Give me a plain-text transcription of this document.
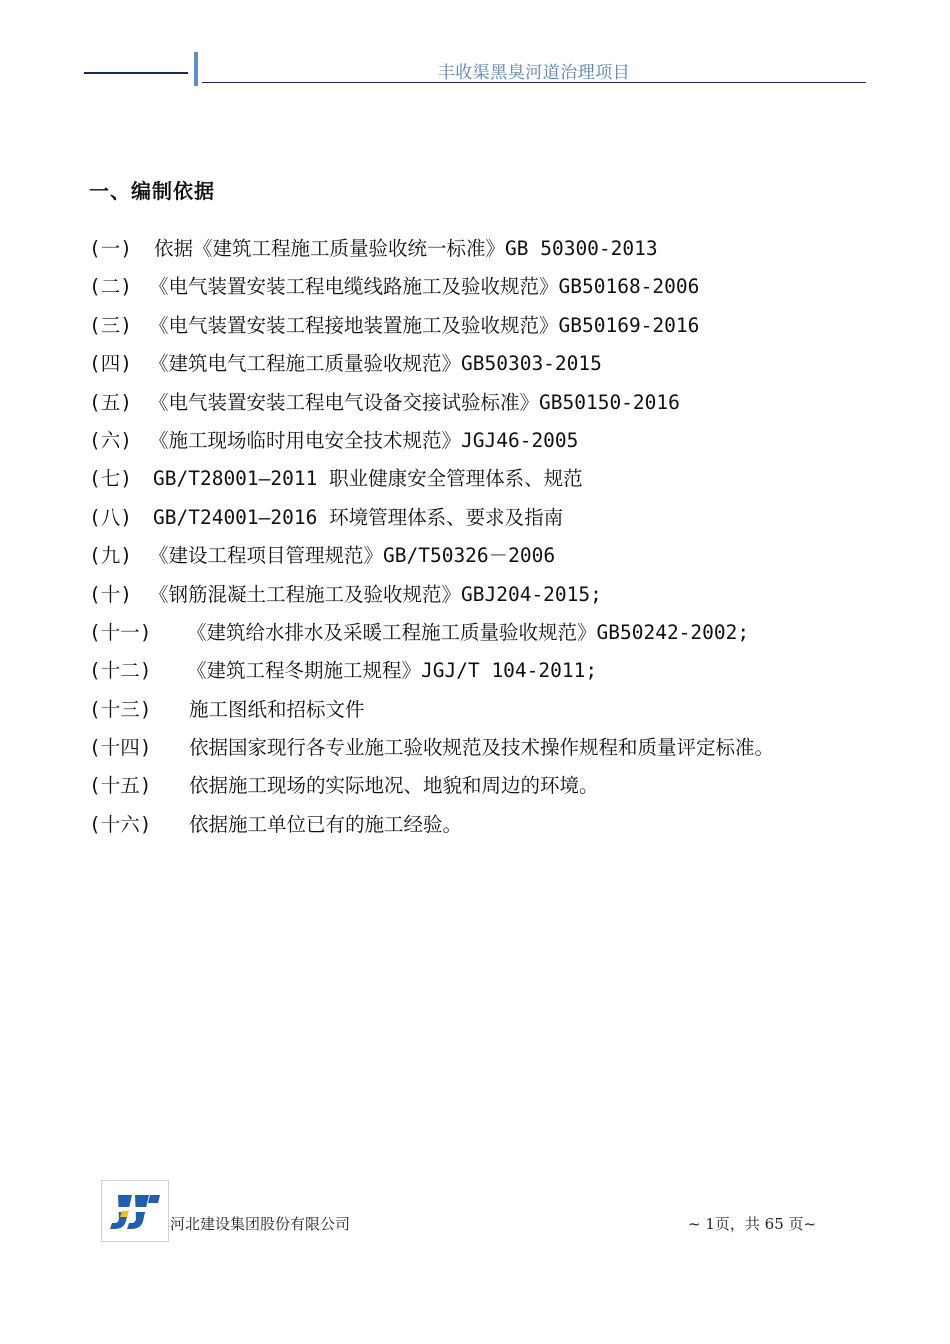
丰收渠黑臭河道治理项目
一、编制依据
(一) 依据《建筑工程施工质量验收统一标准》GB 50300-2013
(二) 《电气装置安装工程电缆线路施工及验收规范》GB50168-2006
(三) 《电气装置安装工程接地装置施工及验收规范》GB50169-2016
(四) 《建筑电气工程施工质量验收规范》GB50303-2015
(五) 《电气装置安装工程电气设备交接试验标准》GB50150-2016
(六) 《施工现场临时用电安全技术规范》JGJ46-2005
(七) GB/T28001—2011 职业健康安全管理体系、规范
(八) GB/T24001—2016 环境管理体系、要求及指南
(九) 《建设工程项目管理规范》GB/T50326－2006
(十) 《钢筋混凝土工程施工及验收规范》GBJ204-2015;
(十一) 《建筑给水排水及采暖工程施工质量验收规范》GB50242-2002;
(十二) 《建筑工程冬期施工规程》JGJ/T 104-2011;
(十三) 施工图纸和招标文件
(十四) 依据国家现行各专业施工验收规范及技术操作规程和质量评定标准。
(十五) 依据施工现场的实际地况、地貌和周边的环境。
(十六) 依据施工单位已有的施工经验。
河北建设集团股份有限公司	~ 1页，共 65 页~
